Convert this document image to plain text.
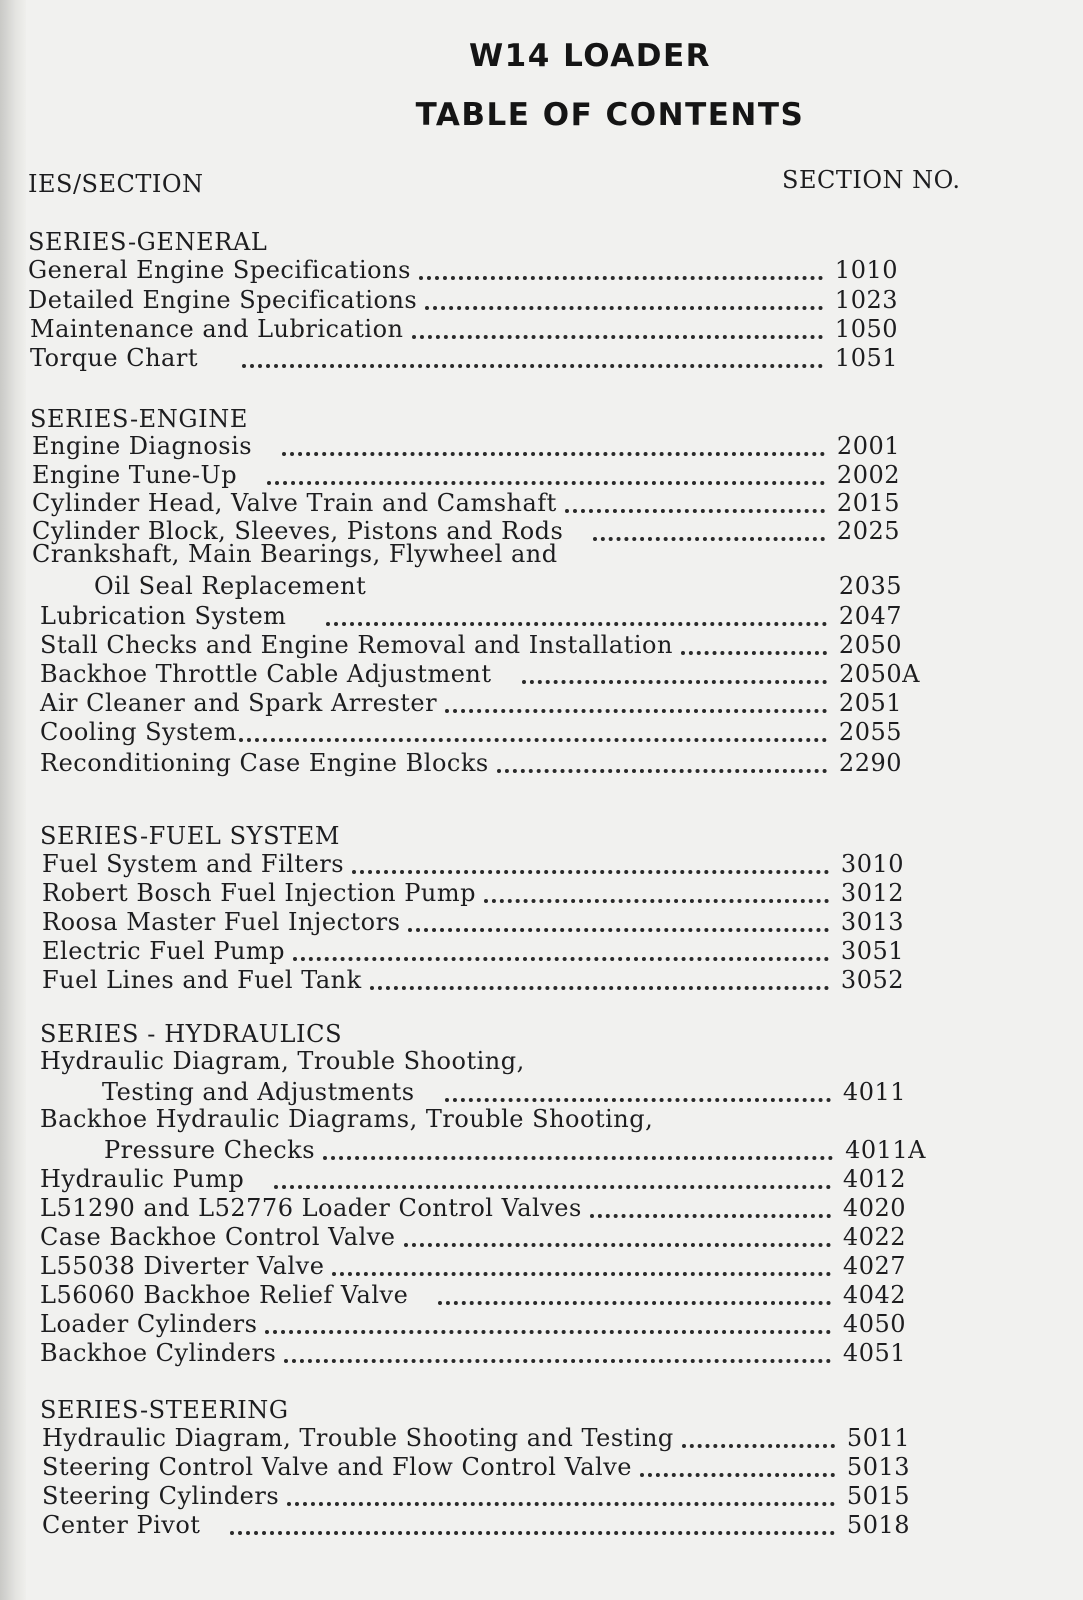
W14 LOADER
TABLE OF CONTENTS
IES/SECTION	SECTION NO.
SERIES-GENERAL
General Engine Specifications	1010
Detailed Engine Specifications	1023
Maintenance and Lubrication	1050
Torque Chart	1051
SERIES-ENGINE
Engine Diagnosis	2001
Engine Tune-Up	2002
Cylinder Head, Valve Train and Camshaft	2015
Cylinder Block, Sleeves, Pistons and Rods	2025
Crankshaft, Main Bearings, Flywheel and
Oil Seal Replacement	2035
Lubrication System	2047
Stall Checks and Engine Removal and Installation	2050
Backhoe Throttle Cable Adjustment	2050A
Air Cleaner and Spark Arrester	2051
Cooling System	2055
Reconditioning Case Engine Blocks	2290
SERIES-FUEL SYSTEM
Fuel System and Filters	3010
Robert Bosch Fuel Injection Pump	3012
Roosa Master Fuel Injectors	3013
Electric Fuel Pump	3051
Fuel Lines and Fuel Tank	3052
SERIES - HYDRAULICS
Hydraulic Diagram, Trouble Shooting,
Testing and Adjustments	4011
Backhoe Hydraulic Diagrams, Trouble Shooting,
Pressure Checks	4011A
Hydraulic Pump	4012
L51290 and L52776 Loader Control Valves	4020
Case Backhoe Control Valve	4022
L55038 Diverter Valve	4027
L56060 Backhoe Relief Valve	4042
Loader Cylinders	4050
Backhoe Cylinders	4051
SERIES-STEERING
Hydraulic Diagram, Trouble Shooting and Testing	5011
Steering Control Valve and Flow Control Valve	5013
Steering Cylinders	5015
Center Pivot	5018
